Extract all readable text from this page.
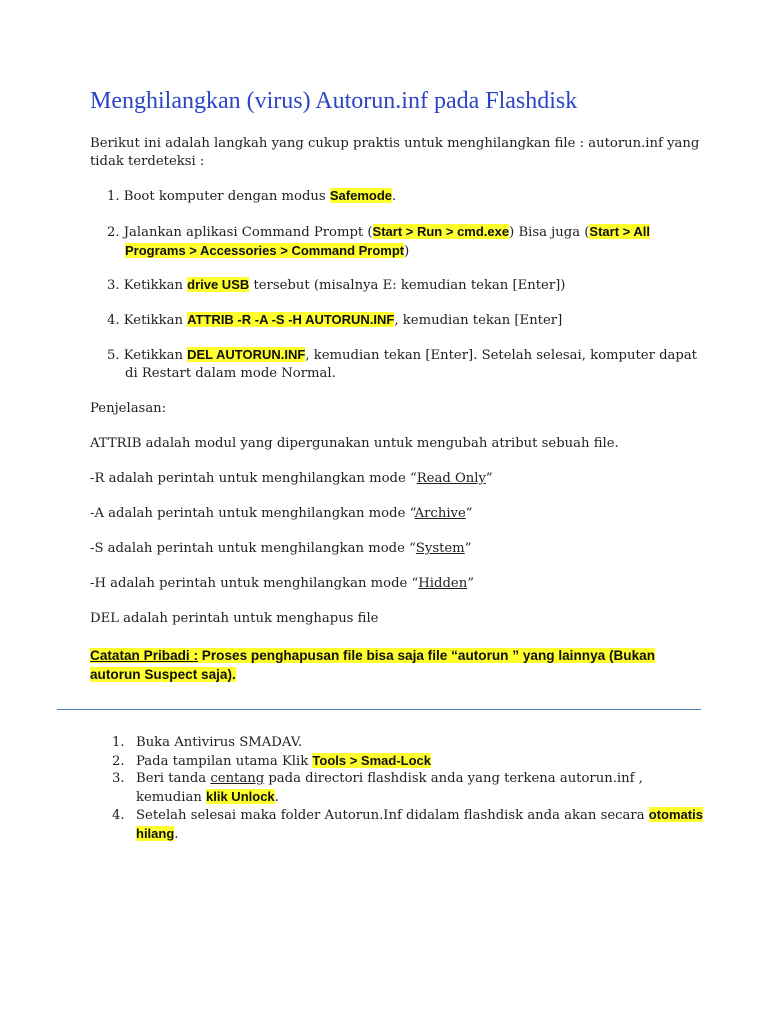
Menghilangkan (virus) Autorun.inf pada Flashdisk

Berikut ini adalah langkah yang cukup praktis untuk menghilangkan file : autorun.inf yang
tidak terdeteksi :

1. Boot komputer dengan modus Safemode.
2. Jalankan aplikasi Command Prompt (Start > Run > cmd.exe) Bisa juga (Start > All
Programs > Accessories > Command Prompt)
3. Ketikkan drive USB tersebut (misalnya E: kemudian tekan [Enter])
4. Ketikkan ATTRIB -R -A -S -H AUTORUN.INF, kemudian tekan [Enter]
5. Ketikkan DEL AUTORUN.INF, kemudian tekan [Enter]. Setelah selesai, komputer dapat
di Restart dalam mode Normal.

Penjelasan:

ATTRIB adalah modul yang dipergunakan untuk mengubah atribut sebuah file.

-R adalah perintah untuk menghilangkan mode “Read Only”

-A adalah perintah untuk menghilangkan mode “Archive”

-S adalah perintah untuk menghilangkan mode “System”

-H adalah perintah untuk menghilangkan mode “Hidden”

DEL adalah perintah untuk menghapus file

Catatan Pribadi : Proses penghapusan file bisa saja file “autorun ” yang lainnya (Bukan
autorun Suspect saja).
1. Buka Antivirus SMADAV.
2. Pada tampilan utama Klik Tools > Smad-Lock
3. Beri tanda centang pada directori flashdisk anda yang terkena autorun.inf ,
kemudian klik Unlock.
4. Setelah selesai maka folder Autorun.Inf didalam flashdisk anda akan secara otomatis
hilang.
